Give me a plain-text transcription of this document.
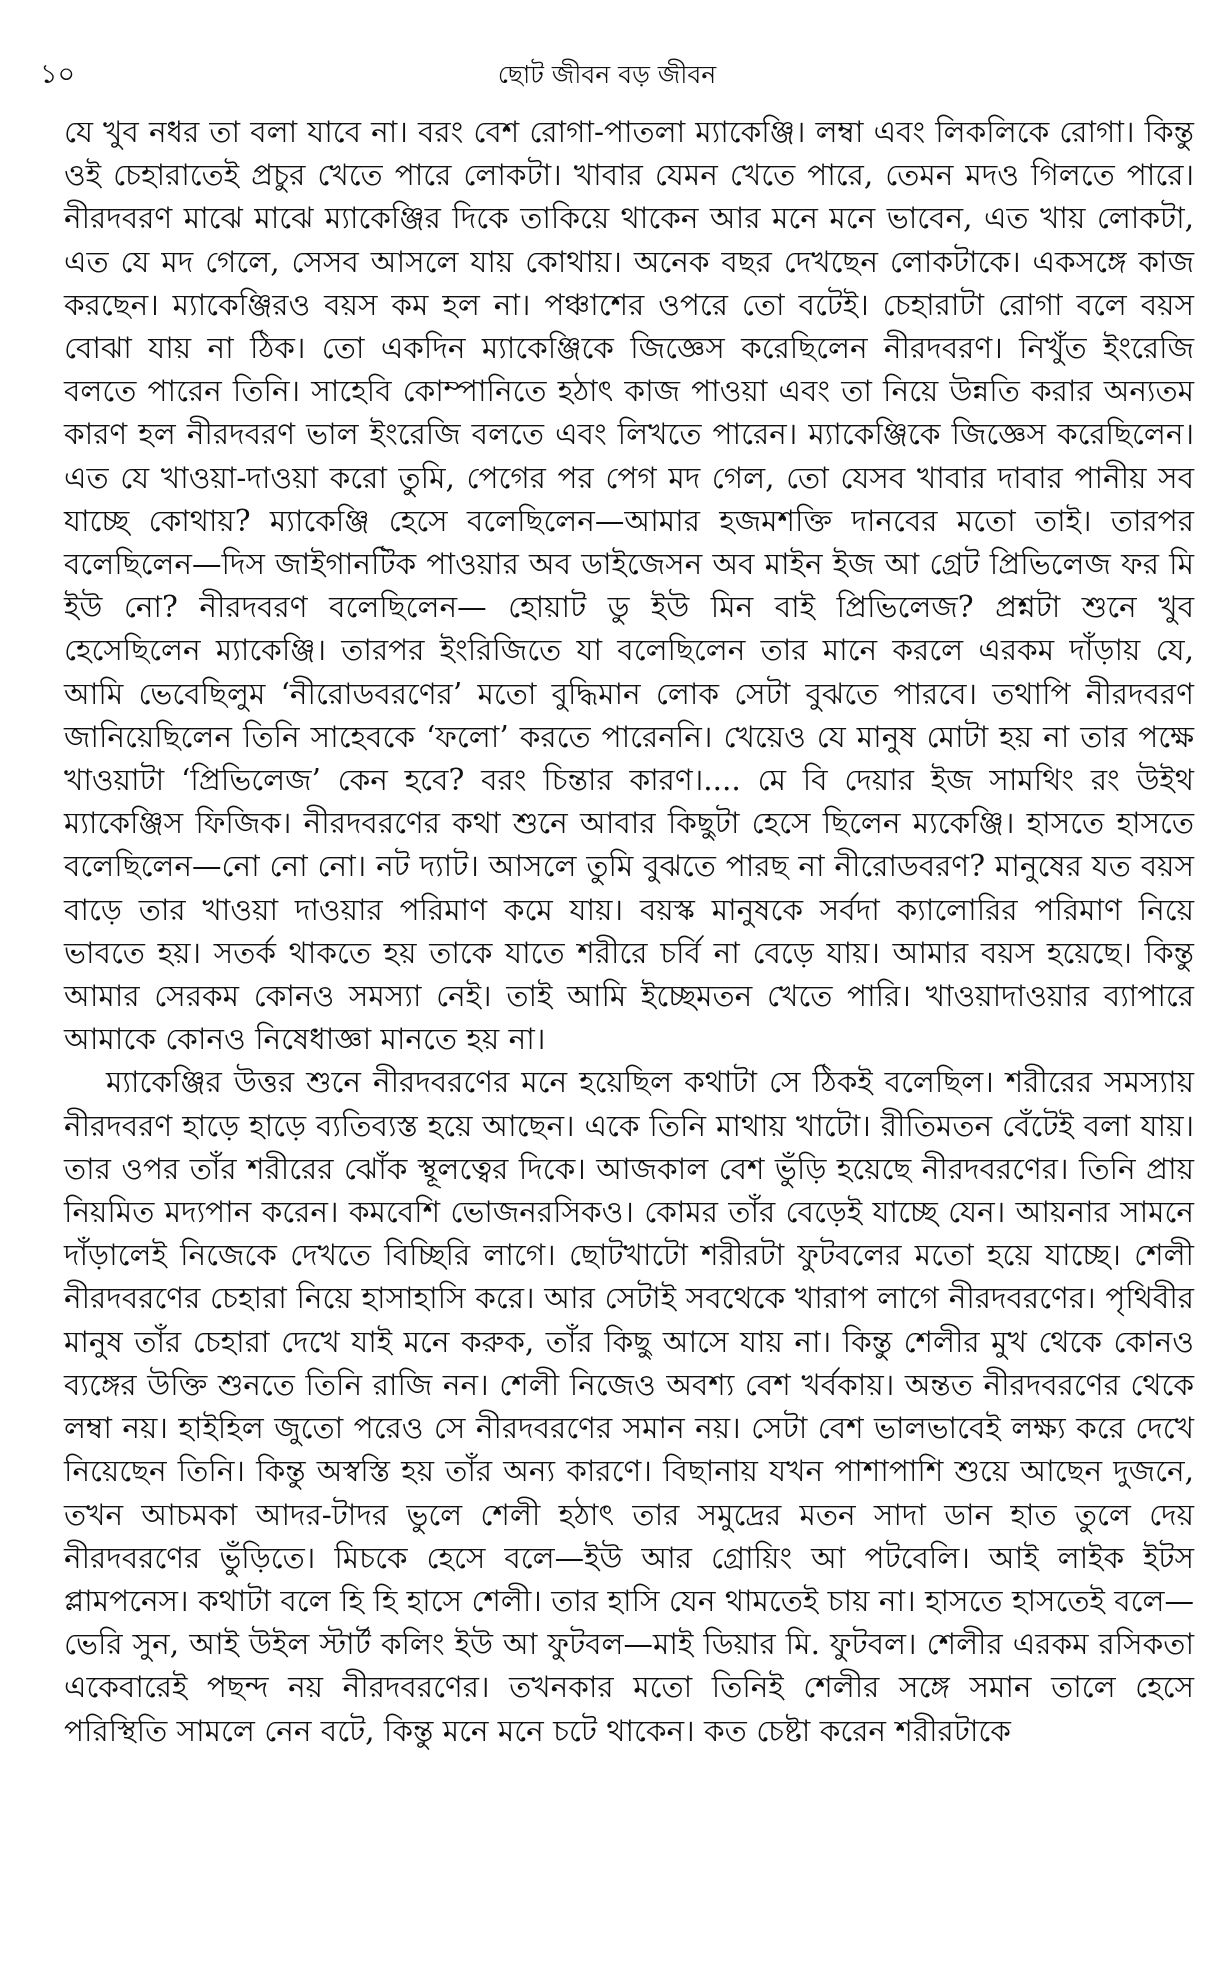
১০	ছোট জীবন বড় জীবন

যে খুব নধর তা বলা যাবে না। বরং বেশ রোগা-পাতলা ম্যাকেঞ্জি। লম্বা এবং লিকলিকে রোগা। কিন্তু ওই চেহারাতেই প্রচুর খেতে পারে লোকটা। খাবার যেমন খেতে পারে, তেমন মদও গিলতে পারে। নীরদবরণ মাঝে মাঝে ম্যাকেঞ্জির দিকে তাকিয়ে থাকেন আর মনে মনে ভাবেন, এত খায় লোকটা, এত যে মদ গেলে, সেসব আসলে যায় কোথায়। অনেক বছর দেখছেন লোকটাকে। একসঙ্গে কাজ করছেন। ম্যাকেঞ্জিরও বয়স কম হল না। পঞ্চাশের ওপরে তো বটেই। চেহারাটা রোগা বলে বয়স বোঝা যায় না ঠিক। তো একদিন ম্যাকেঞ্জিকে জিজ্ঞেস করেছিলেন নীরদবরণ। নিখুঁত ইংরেজি বলতে পারেন তিনি। সাহেবি কোম্পানিতে হঠাৎ কাজ পাওয়া এবং তা নিয়ে উন্নতি করার অন্যতম কারণ হল নীরদবরণ ভাল ইংরেজি বলতে এবং লিখতে পারেন। ম্যাকেঞ্জিকে জিজ্ঞেস করেছিলেন। এত যে খাওয়া-দাওয়া করো তুমি, পেগের পর পেগ মদ গেল, তো যেসব খাবার দাবার পানীয় সব যাচ্ছে কোথায়? ম্যাকেঞ্জি হেসে বলেছিলেন—আমার হজমশক্তি দানবের মতো তাই। তারপর বলেছিলেন—দিস জাইগানটিক পাওয়ার অব ডাইজেসন অব মাইন ইজ আ গ্রেট প্রিভিলেজ ফর মি ইউ নো? নীরদবরণ বলেছিলেন— হোয়াট ডু ইউ মিন বাই প্রিভিলেজ? প্রশ্নটা শুনে খুব হেসেছিলেন ম্যাকেঞ্জি। তারপর ইংরিজিতে যা বলেছিলেন তার মানে করলে এরকম দাঁড়ায় যে, আমি ভেবেছিলুম ‘নীরোডবরণের’ মতো বুদ্ধিমান লোক সেটা বুঝতে পারবে। তথাপি নীরদবরণ জানিয়েছিলেন তিনি সাহেবকে ‘ফলো’ করতে পারেননি। খেয়েও যে মানুষ মোটা হয় না তার পক্ষে খাওয়াটা ‘প্রিভিলেজ’ কেন হবে? বরং চিন্তার কারণ।.... মে বি দেয়ার ইজ সামথিং রং উইথ ম্যাকেঞ্জিস ফিজিক। নীরদবরণের কথা শুনে আবার কিছুটা হেসে ছিলেন ম্যকেঞ্জি। হাসতে হাসতে বলেছিলেন—নো নো নো। নট দ্যাট। আসলে তুমি বুঝতে পারছ না নীরোডবরণ? মানুষের যত বয়স বাড়ে তার খাওয়া দাওয়ার পরিমাণ কমে যায়। বয়স্ক মানুষকে সর্বদা ক্যালোরির পরিমাণ নিয়ে ভাবতে হয়। সতর্ক থাকতে হয় তাকে যাতে শরীরে চর্বি না বেড়ে যায়। আমার বয়স হয়েছে। কিন্তু আমার সেরকম কোনও সমস্যা নেই। তাই আমি ইচ্ছেমতন খেতে পারি। খাওয়াদাওয়ার ব্যাপারে আমাকে কোনও নিষেধাজ্ঞা মানতে হয় না।

ম্যাকেঞ্জির উত্তর শুনে নীরদবরণের মনে হয়েছিল কথাটা সে ঠিকই বলেছিল। শরীরের সমস্যায় নীরদবরণ হাড়ে হাড়ে ব্যতিব্যস্ত হয়ে আছেন। একে তিনি মাথায় খাটো। রীতিমতন বেঁটেই বলা যায়। তার ওপর তাঁর শরীরের ঝোঁক স্থূলত্বের দিকে। আজকাল বেশ ভুঁড়ি হয়েছে নীরদবরণের। তিনি প্রায় নিয়মিত মদ্যপান করেন। কমবেশি ভোজনরসিকও। কোমর তাঁর বেড়েই যাচ্ছে যেন। আয়নার সামনে দাঁড়ালেই নিজেকে দেখতে বিচ্ছিরি লাগে। ছোটখাটো শরীরটা ফুটবলের মতো হয়ে যাচ্ছে। শেলী নীরদবরণের চেহারা নিয়ে হাসাহাসি করে। আর সেটাই সবথেকে খারাপ লাগে নীরদবরণের। পৃথিবীর মানুষ তাঁর চেহারা দেখে যাই মনে করুক, তাঁর কিছু আসে যায় না। কিন্তু শেলীর মুখ থেকে কোনও ব্যঙ্গের উক্তি শুনতে তিনি রাজি নন। শেলী নিজেও অবশ্য বেশ খর্বকায়। অন্তত নীরদবরণের থেকে লম্বা নয়। হাইহিল জুতো পরেও সে নীরদবরণের সমান নয়। সেটা বেশ ভালভাবেই লক্ষ্য করে দেখে নিয়েছেন তিনি। কিন্তু অস্বস্তি হয় তাঁর অন্য কারণে। বিছানায় যখন পাশাপাশি শুয়ে আছেন দুজনে, তখন আচমকা আদর-টাদর ভুলে শেলী হঠাৎ তার সমুদ্রের মতন সাদা ডান হাত তুলে দেয় নীরদবরণের ভুঁড়িতে। মিচকে হেসে বলে—ইউ আর গ্রোয়িং আ পটবেলি। আই লাইক ইটস প্লামপনেস। কথাটা বলে হি হি হাসে শেলী। তার হাসি যেন থামতেই চায় না। হাসতে হাসতেই বলে—ভেরি সুন, আই উইল স্টার্ট কলিং ইউ আ ফুটবল—মাই ডিয়ার মি. ফুটবল। শেলীর এরকম রসিকতা একেবারেই পছন্দ নয় নীরদবরণের। তখনকার মতো তিনিই শেলীর সঙ্গে সমান তালে হেসে পরিস্থিতি সামলে নেন বটে, কিন্তু মনে মনে চটে থাকেন। কত চেষ্টা করেন শরীরটাকে
